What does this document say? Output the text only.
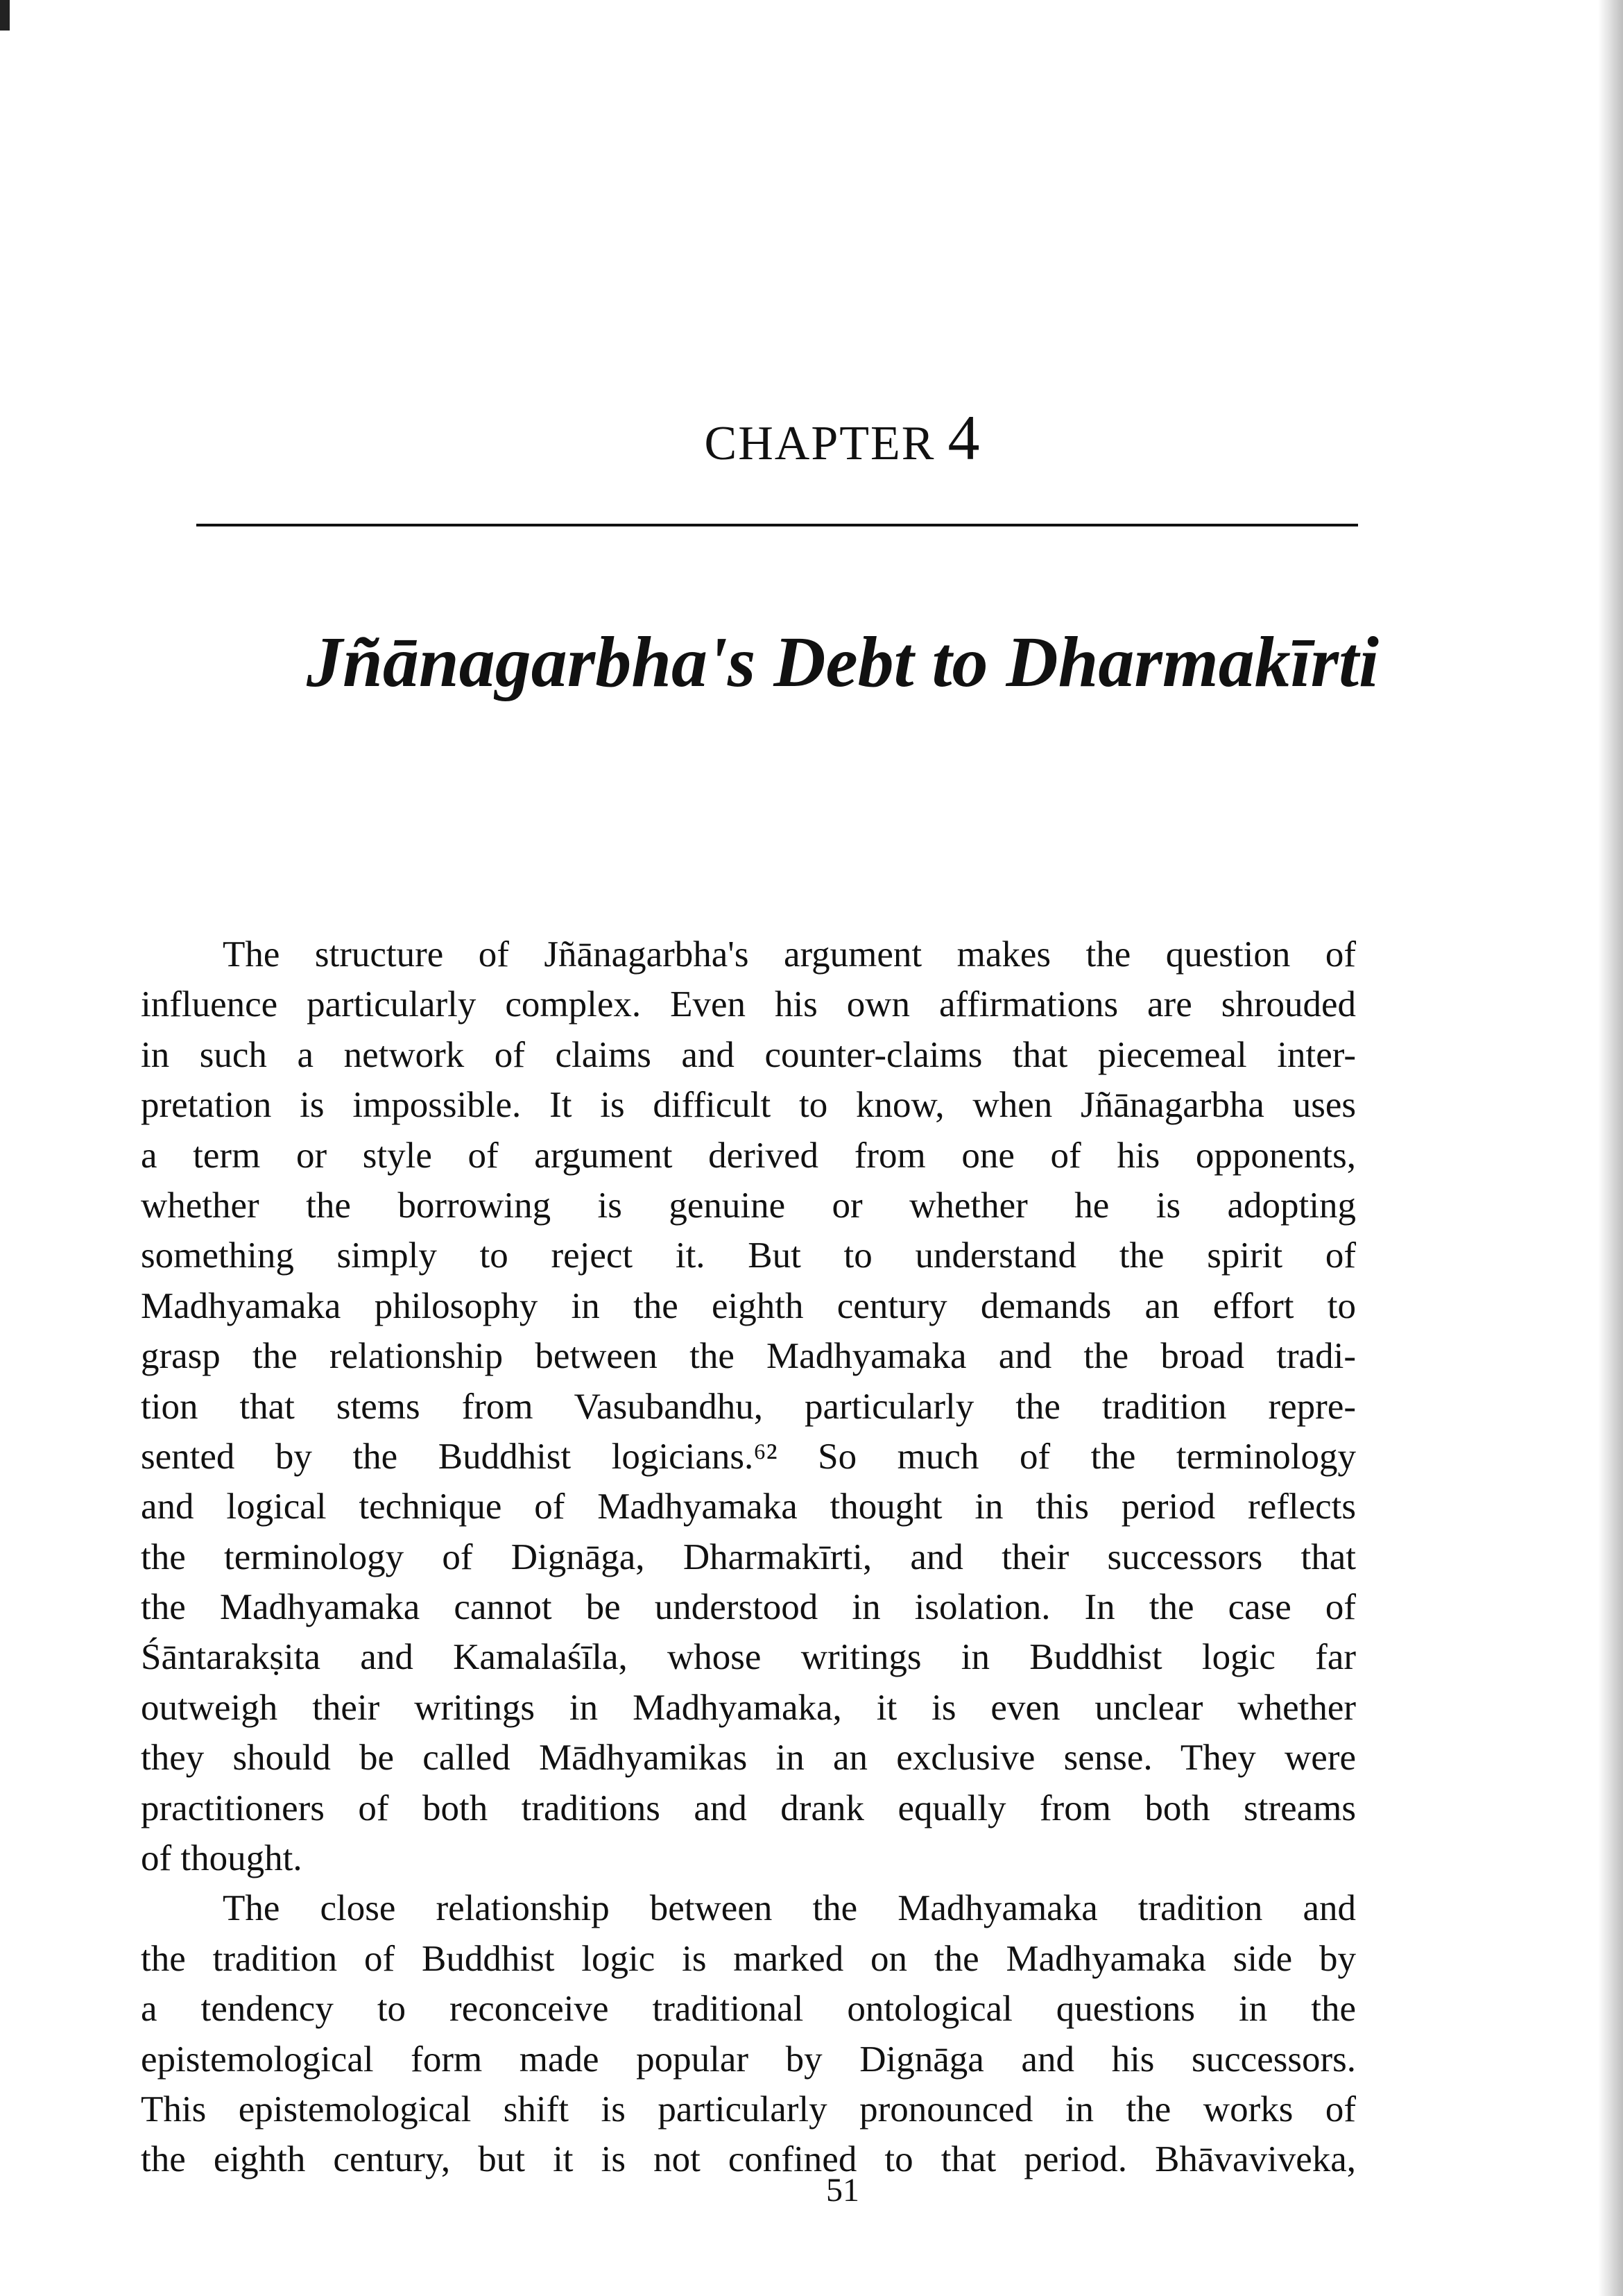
CHAPTER 4
Jñānagarbha's Debt to Dharmakīrti
The structure of Jñānagarbha's argument makes the question of
influence particularly complex. Even his own affirmations are shrouded
in such a network of claims and counter-claims that piecemeal inter-
pretation is impossible. It is difficult to know, when Jñānagarbha uses
a term or style of argument derived from one of his opponents,
whether the borrowing is genuine or whether he is adopting
something simply to reject it. But to understand the spirit of
Madhyamaka philosophy in the eighth century demands an effort to
grasp the relationship between the Madhyamaka and the broad tradi-
tion that stems from Vasubandhu, particularly the tradition repre-
sented by the Buddhist logicians.⁶² So much of the terminology
and logical technique of Madhyamaka thought in this period reflects
the terminology of Dignāga, Dharmakīrti, and their successors that
the Madhyamaka cannot be understood in isolation. In the case of
Śāntarakṣita and Kamalaśīla, whose writings in Buddhist logic far
outweigh their writings in Madhyamaka, it is even unclear whether
they should be called Mādhyamikas in an exclusive sense. They were
practitioners of both traditions and drank equally from both streams
of thought.
The close relationship between the Madhyamaka tradition and
the tradition of Buddhist logic is marked on the Madhyamaka side by
a tendency to reconceive traditional ontological questions in the
epistemological form made popular by Dignāga and his successors.
This epistemological shift is particularly pronounced in the works of
the eighth century, but it is not confined to that period. Bhāvaviveka,
51
